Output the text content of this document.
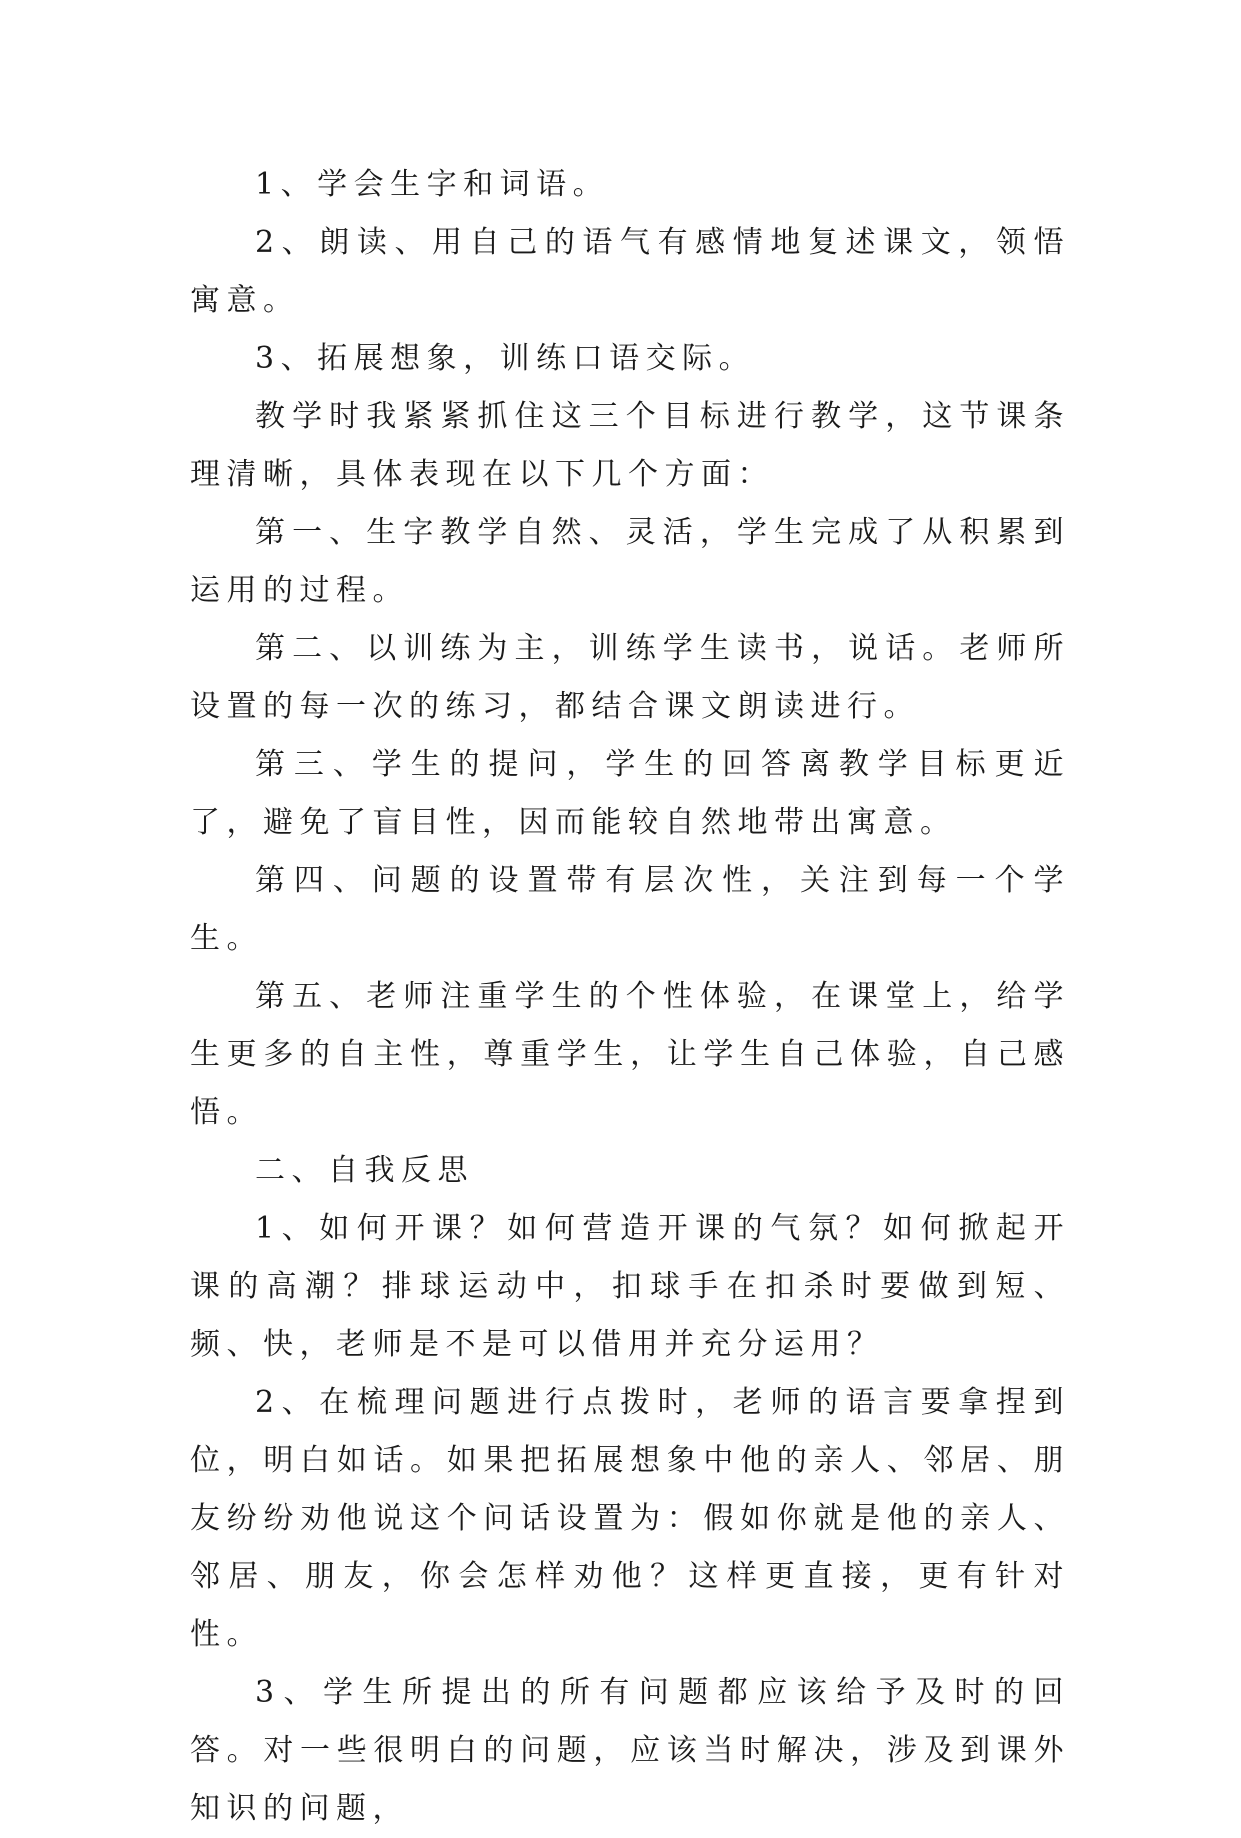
1、学会生字和词语。

2、朗读、用自己的语气有感情地复述课文，领悟寓意。

3、拓展想象，训练口语交际。

教学时我紧紧抓住这三个目标进行教学，这节课条理清晰，具体表现在以下几个方面：

第一、生字教学自然、灵活，学生完成了从积累到运用的过程。

第二、以训练为主，训练学生读书，说话。老师所设置的每一次的练习，都结合课文朗读进行。

第三、学生的提问，学生的回答离教学目标更近了，避免了盲目性，因而能较自然地带出寓意。

第四、问题的设置带有层次性，关注到每一个学生。

第五、老师注重学生的个性体验，在课堂上，给学生更多的自主性，尊重学生，让学生自己体验，自己感悟。

二、自我反思

1、如何开课？如何营造开课的气氛？如何掀起开课的高潮？排球运动中，扣球手在扣杀时要做到短、频、快，老师是不是可以借用并充分运用？

2、在梳理问题进行点拨时，老师的语言要拿捏到位，明白如话。如果把拓展想象中他的亲人、邻居、朋友纷纷劝他说这个问话设置为：假如你就是他的亲人、邻居、朋友，你会怎样劝他？这样更直接，更有针对性。

3、学生所提出的所有问题都应该给予及时的回答。对一些很明白的问题，应该当时解决，涉及到课外知识的问题，
